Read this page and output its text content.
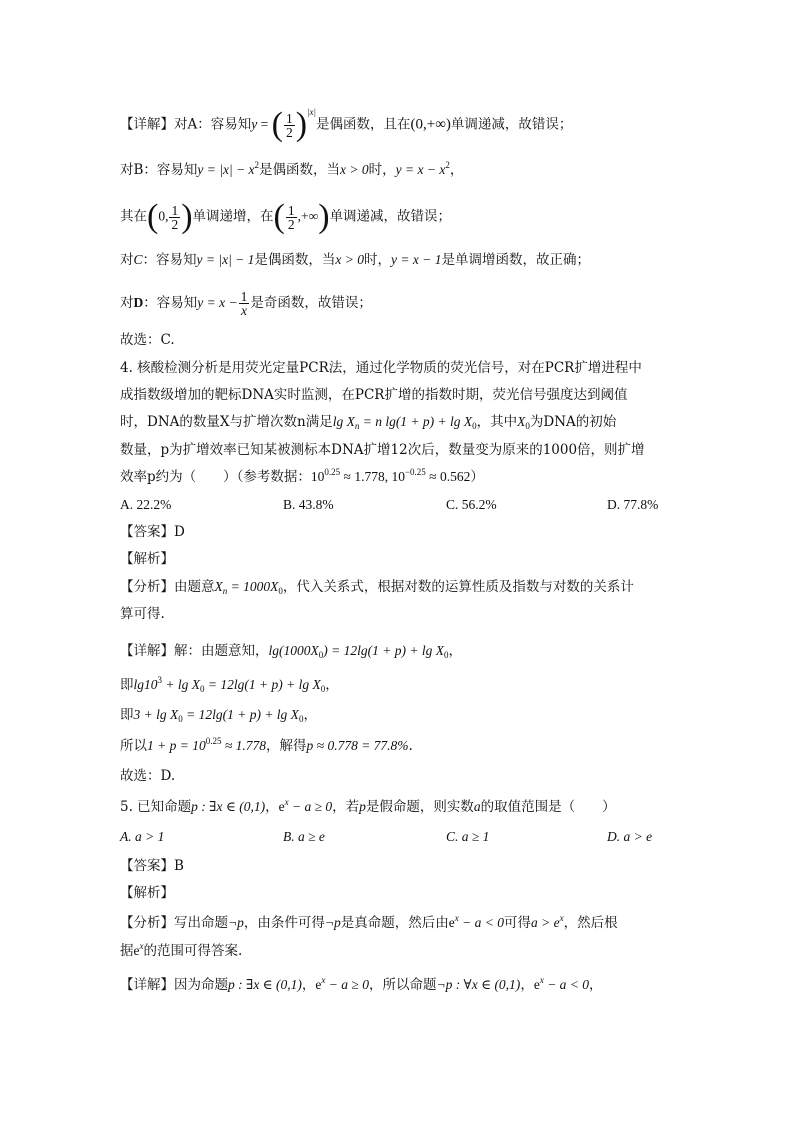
【详解】对A：容易知y = ( $\frac{1}{2} )^{|x|}$是偶函数，且在(0,+∞)单调递减，故错误；
对B：容易知$y = |x| - x^2$是偶函数，当x > 0时，$y = x - x^2$，
其在(0, $\frac{1}{2}$ )单调递增，在( $\frac{1}{2}$ ,+∞)单调递减，故错误；
对C：容易知y = |x| − 1是偶函数，当x > 0时，y = x − 1是单调增函数，故正确；
对D：容易知$y = x - \frac{1}{x}$ 是奇函数，故错误；
故选：C.
4. 核酸检测分析是用荧光定量PCR法，通过化学物质的荧光信号，对在PCR扩增进程中
成指数级增加的靶标DNA实时监测，在PCR扩增的指数时期，荧光信号强度达到阈值
时，DNA的数量X与扩增次数n满足$\lg X_n = n$ $\lg(1 + p) + \lg X_0$，其中$X_0$为DNA的初始
数量，p为扩增效率已知某被测标本DNA扩增12次后，数量变为原来的1000倍，则扩增
效率p约为（　　）（参考数据：$10^{0.25} \approx 1.778$, $10^{-0.25} \approx 0.562$）
A. 22.2%	B. 43.8%	C. 56.2%	D. 77.8%
【答案】D
【解析】
【分析】由题意$X_n = 1000X_0$，代入关系式，根据对数的运算性质及指数与对数的关系计
算可得.
【详解】解：由题意知，$\lg(1000X_0) = 12\lg(1 + p) + \lg X_0$，
即$\lg 10^3 + \lg X_0 = 12\lg(1 + p) + \lg X_0$，
即$3 + \lg X_0 = 12\lg(1 + p) + \lg X_0$，
所以$1 + p = 10^{0.25} \approx 1.778$，解得p ≈ 0.778 = 77.8%.
故选：D.
5. 已知命题p : ∃x ∈ (0,1)，$e^x - a \ge 0$，若p是假命题，则实数a的取值范围是（　　）
A. a > 1	B. a ≥ e	C. a ≥ 1	D. a > e
【答案】B
【解析】
【分析】写出命题¬p，由条件可得¬p是真命题，然后由$e^x - a < 0$可得$a > e^x$，然后根
据$e^x$的范围可得答案.
【详解】因为命题p : ∃x ∈ (0,1)，$e^x - a \ge 0$，所以命题¬p : ∀x ∈ (0,1)，$e^x - a < 0$，
